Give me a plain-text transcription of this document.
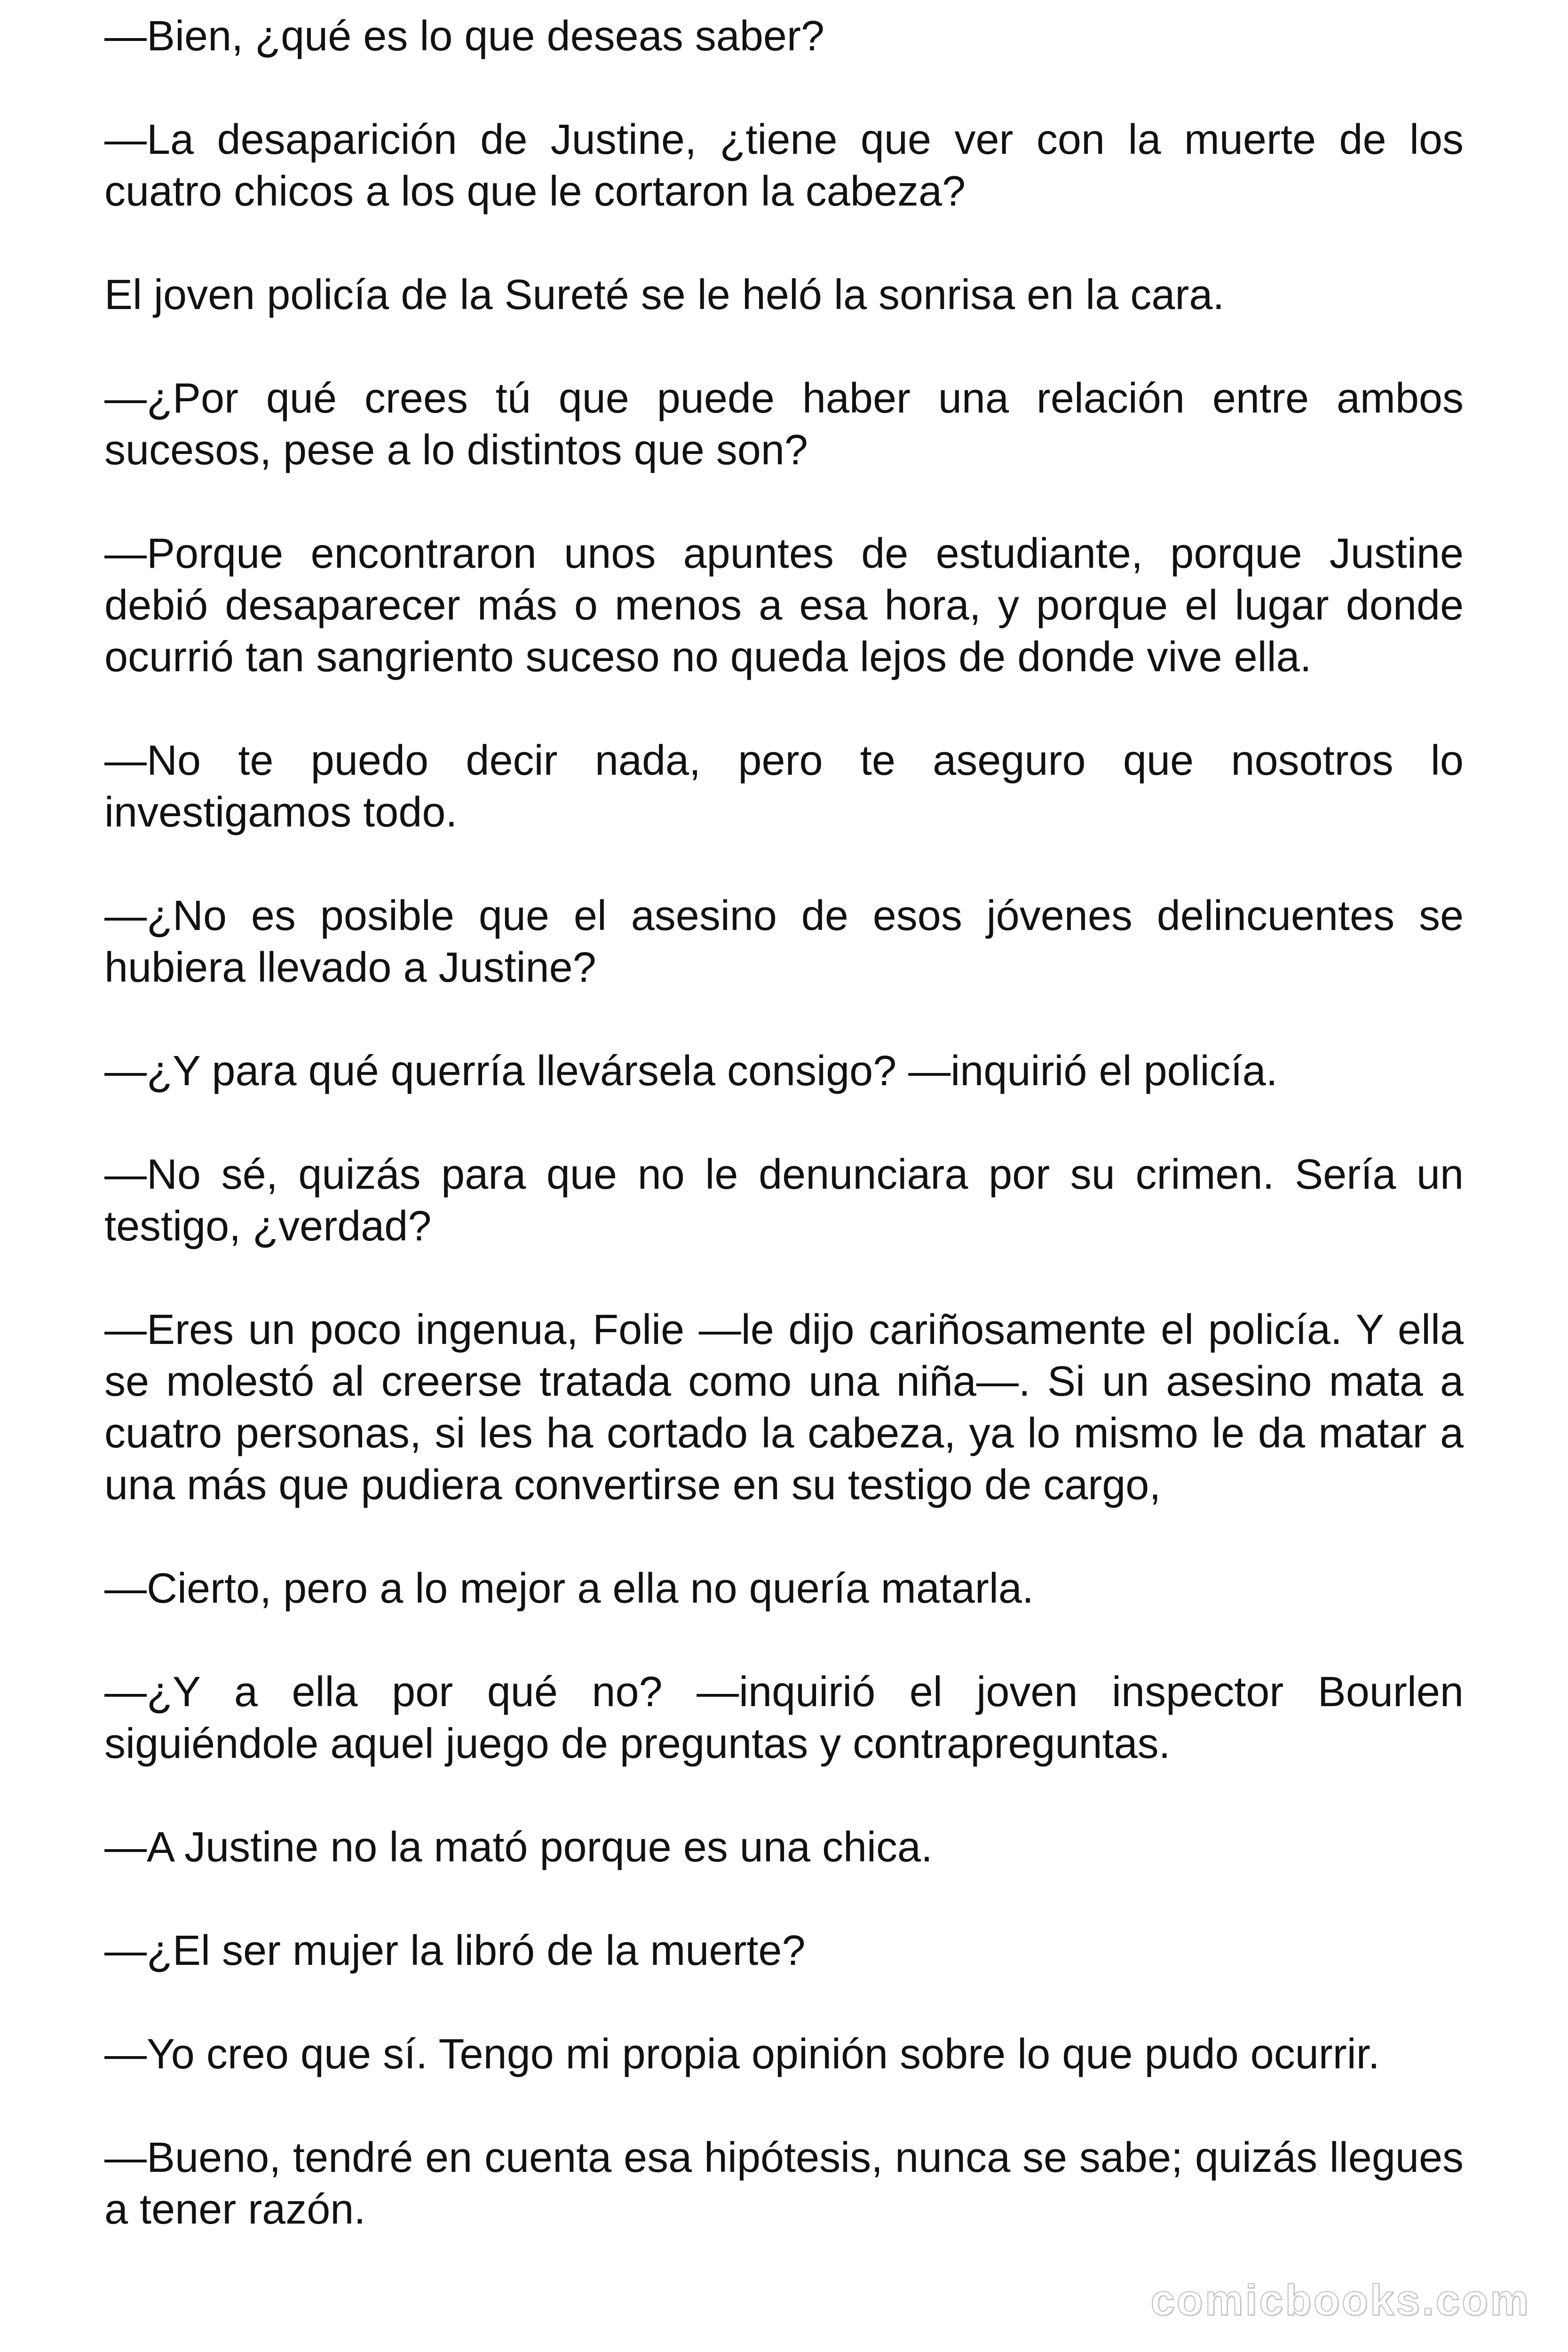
—Bien, ¿qué es lo que deseas saber?

—La desaparición de Justine, ¿tiene que ver con la muerte de los cuatro chicos a los que le cortaron la cabeza?

El joven policía de la Sureté se le heló la sonrisa en la cara.

—¿Por qué crees tú que puede haber una relación entre ambos sucesos, pese a lo distintos que son?

—Porque encontraron unos apuntes de estudiante, porque Justine debió desaparecer más o menos a esa hora, y porque el lugar donde ocurrió tan sangriento suceso no queda lejos de donde vive ella.

—No te puedo decir nada, pero te aseguro que nosotros lo investigamos todo.

—¿No es posible que el asesino de esos jóvenes delincuentes se hubiera llevado a Justine?

—¿Y para qué querría llevársela consigo? —inquirió el policía.

—No sé, quizás para que no le denunciara por su crimen. Sería un testigo, ¿verdad?

—Eres un poco ingenua, Folie —le dijo cariñosamente el policía. Y ella se molestó al creerse tratada como una niña—. Si un asesino mata a cuatro personas, si les ha cortado la cabeza, ya lo mismo le da matar a una más que pudiera convertirse en su testigo de cargo,

—Cierto, pero a lo mejor a ella no quería matarla.

—¿Y a ella por qué no? —inquirió el joven inspector Bourlen siguiéndole aquel juego de preguntas y contrapreguntas.

—A Justine no la mató porque es una chica.

—¿El ser mujer la libró de la muerte?

—Yo creo que sí. Tengo mi propia opinión sobre lo que pudo ocurrir.

—Bueno, tendré en cuenta esa hipótesis, nunca se sabe; quizás llegues a tener razón.

comicbooks.com
